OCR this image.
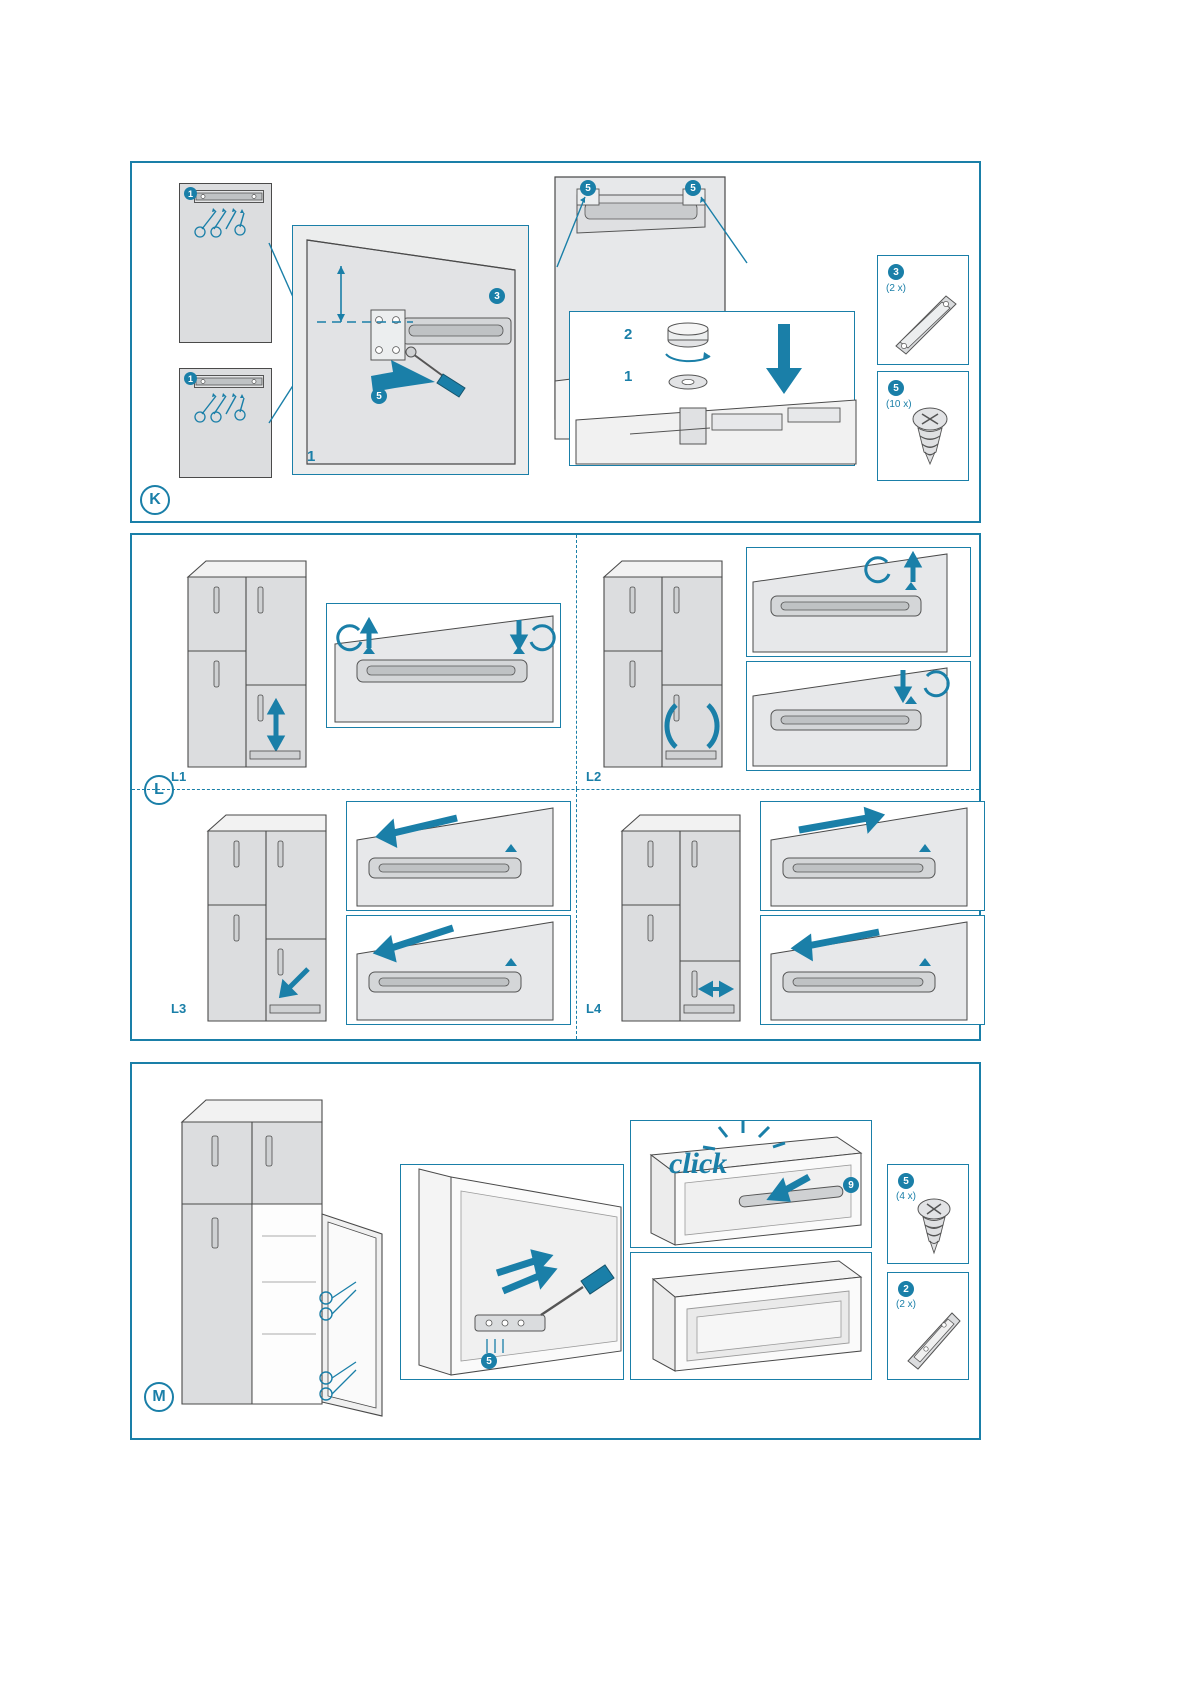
K
1
1
3
5
1
5	5
2
1
3
(2 x)
5
(10 x)
L
L1	L2
L3	L4
M
5
click
9	5
(4 x)
2
(2 x)
